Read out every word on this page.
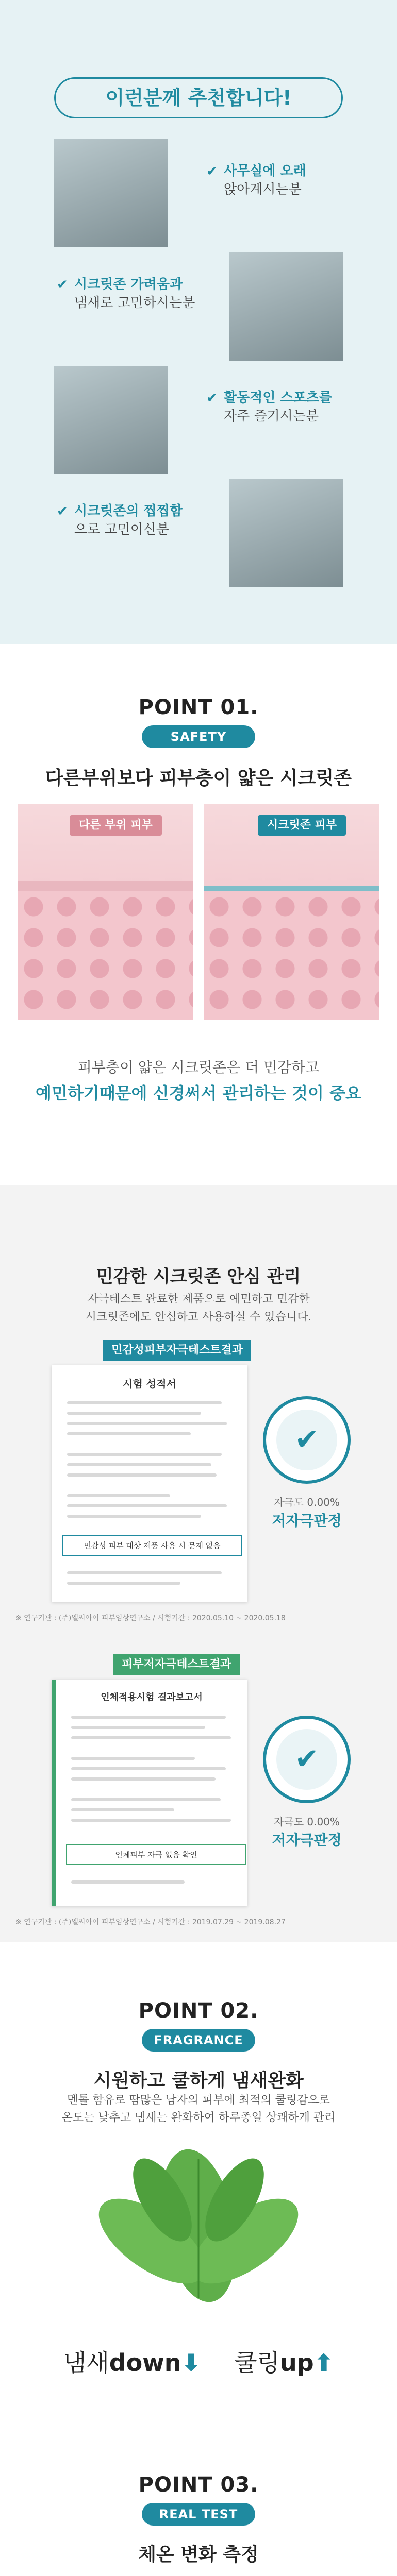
이런분께 추천합니다!
✔ 사무실에 오래
앉아계시는분
✔ 시크릿존 가려움과
냄새로 고민하시는분
✔ 활동적인 스포츠를
자주 즐기시는분
✔ 시크릿존의 찝찝함
으로 고민이신분
POINT 01.
SAFETY
다른부위보다 피부층이 얇은 시크릿존
다른 부위 피부	시크릿존 피부
피부층이 얇은 시크릿존은 더 민감하고
예민하기때문에 신경써서 관리하는 것이 중요
민감한 시크릿존 안심 관리
자극테스트 완료한 제품으로 예민하고 민감한
시크릿존에도 안심하고 사용하실 수 있습니다.
민감성피부자극테스트결과
시험 성적서
민감성 피부 대상 제품 사용 시 문제 없음
✔
자극도 0.00%
저자극판정
※ 연구기관 : (주)엘씨아이 피부임상연구소 / 시험기간 : 2020.05.10 ~ 2020.05.18
피부저자극테스트결과
인체적용시험 결과보고서
인체피부 자극 없음 확인
✔
자극도 0.00%
저자극판정
※ 연구기관 : (주)엘씨아이 피부임상연구소 / 시험기간 : 2019.07.29 ~ 2019.08.27
POINT 02.
FRAGRANCE
시원하고 쿨하게 냄새완화
멘톨 함유로 땀많은 남자의 피부에 최적의 쿨링감으로
온도는 낮추고 냄새는 완화하여 하루종일 상쾌하게 관리
냄새down⬇ 쿨링up⬆
POINT 03.
REAL TEST
체온 변화 측정
